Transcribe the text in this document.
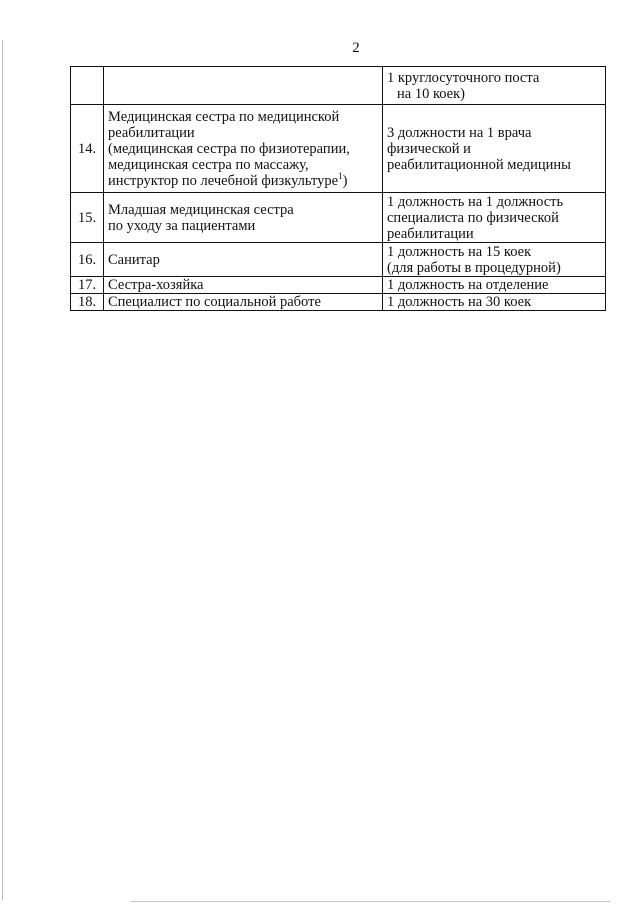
2

		1 круглосуточного поста
на 10 коек)

14.	Медицинская сестра по медицинской
реабилитации
(медицинская сестра по физиотерапии,
медицинская сестра по массажу,
инструктор по лечебной физкультуре$^1$)	3 должности на 1 врача
физической и
реабилитационной медицины

15.	Младшая медицинская сестра
по уходу за пациентами	1 должность на 1 должность
специалиста по физической
реабилитации

16.	Санитар	1 должность на 15 коек
(для работы в процедурной)

17.	Сестра-хозяйка	1 должность на отделение

18.	Специалист по социальной работе	1 должность на 30 коек
